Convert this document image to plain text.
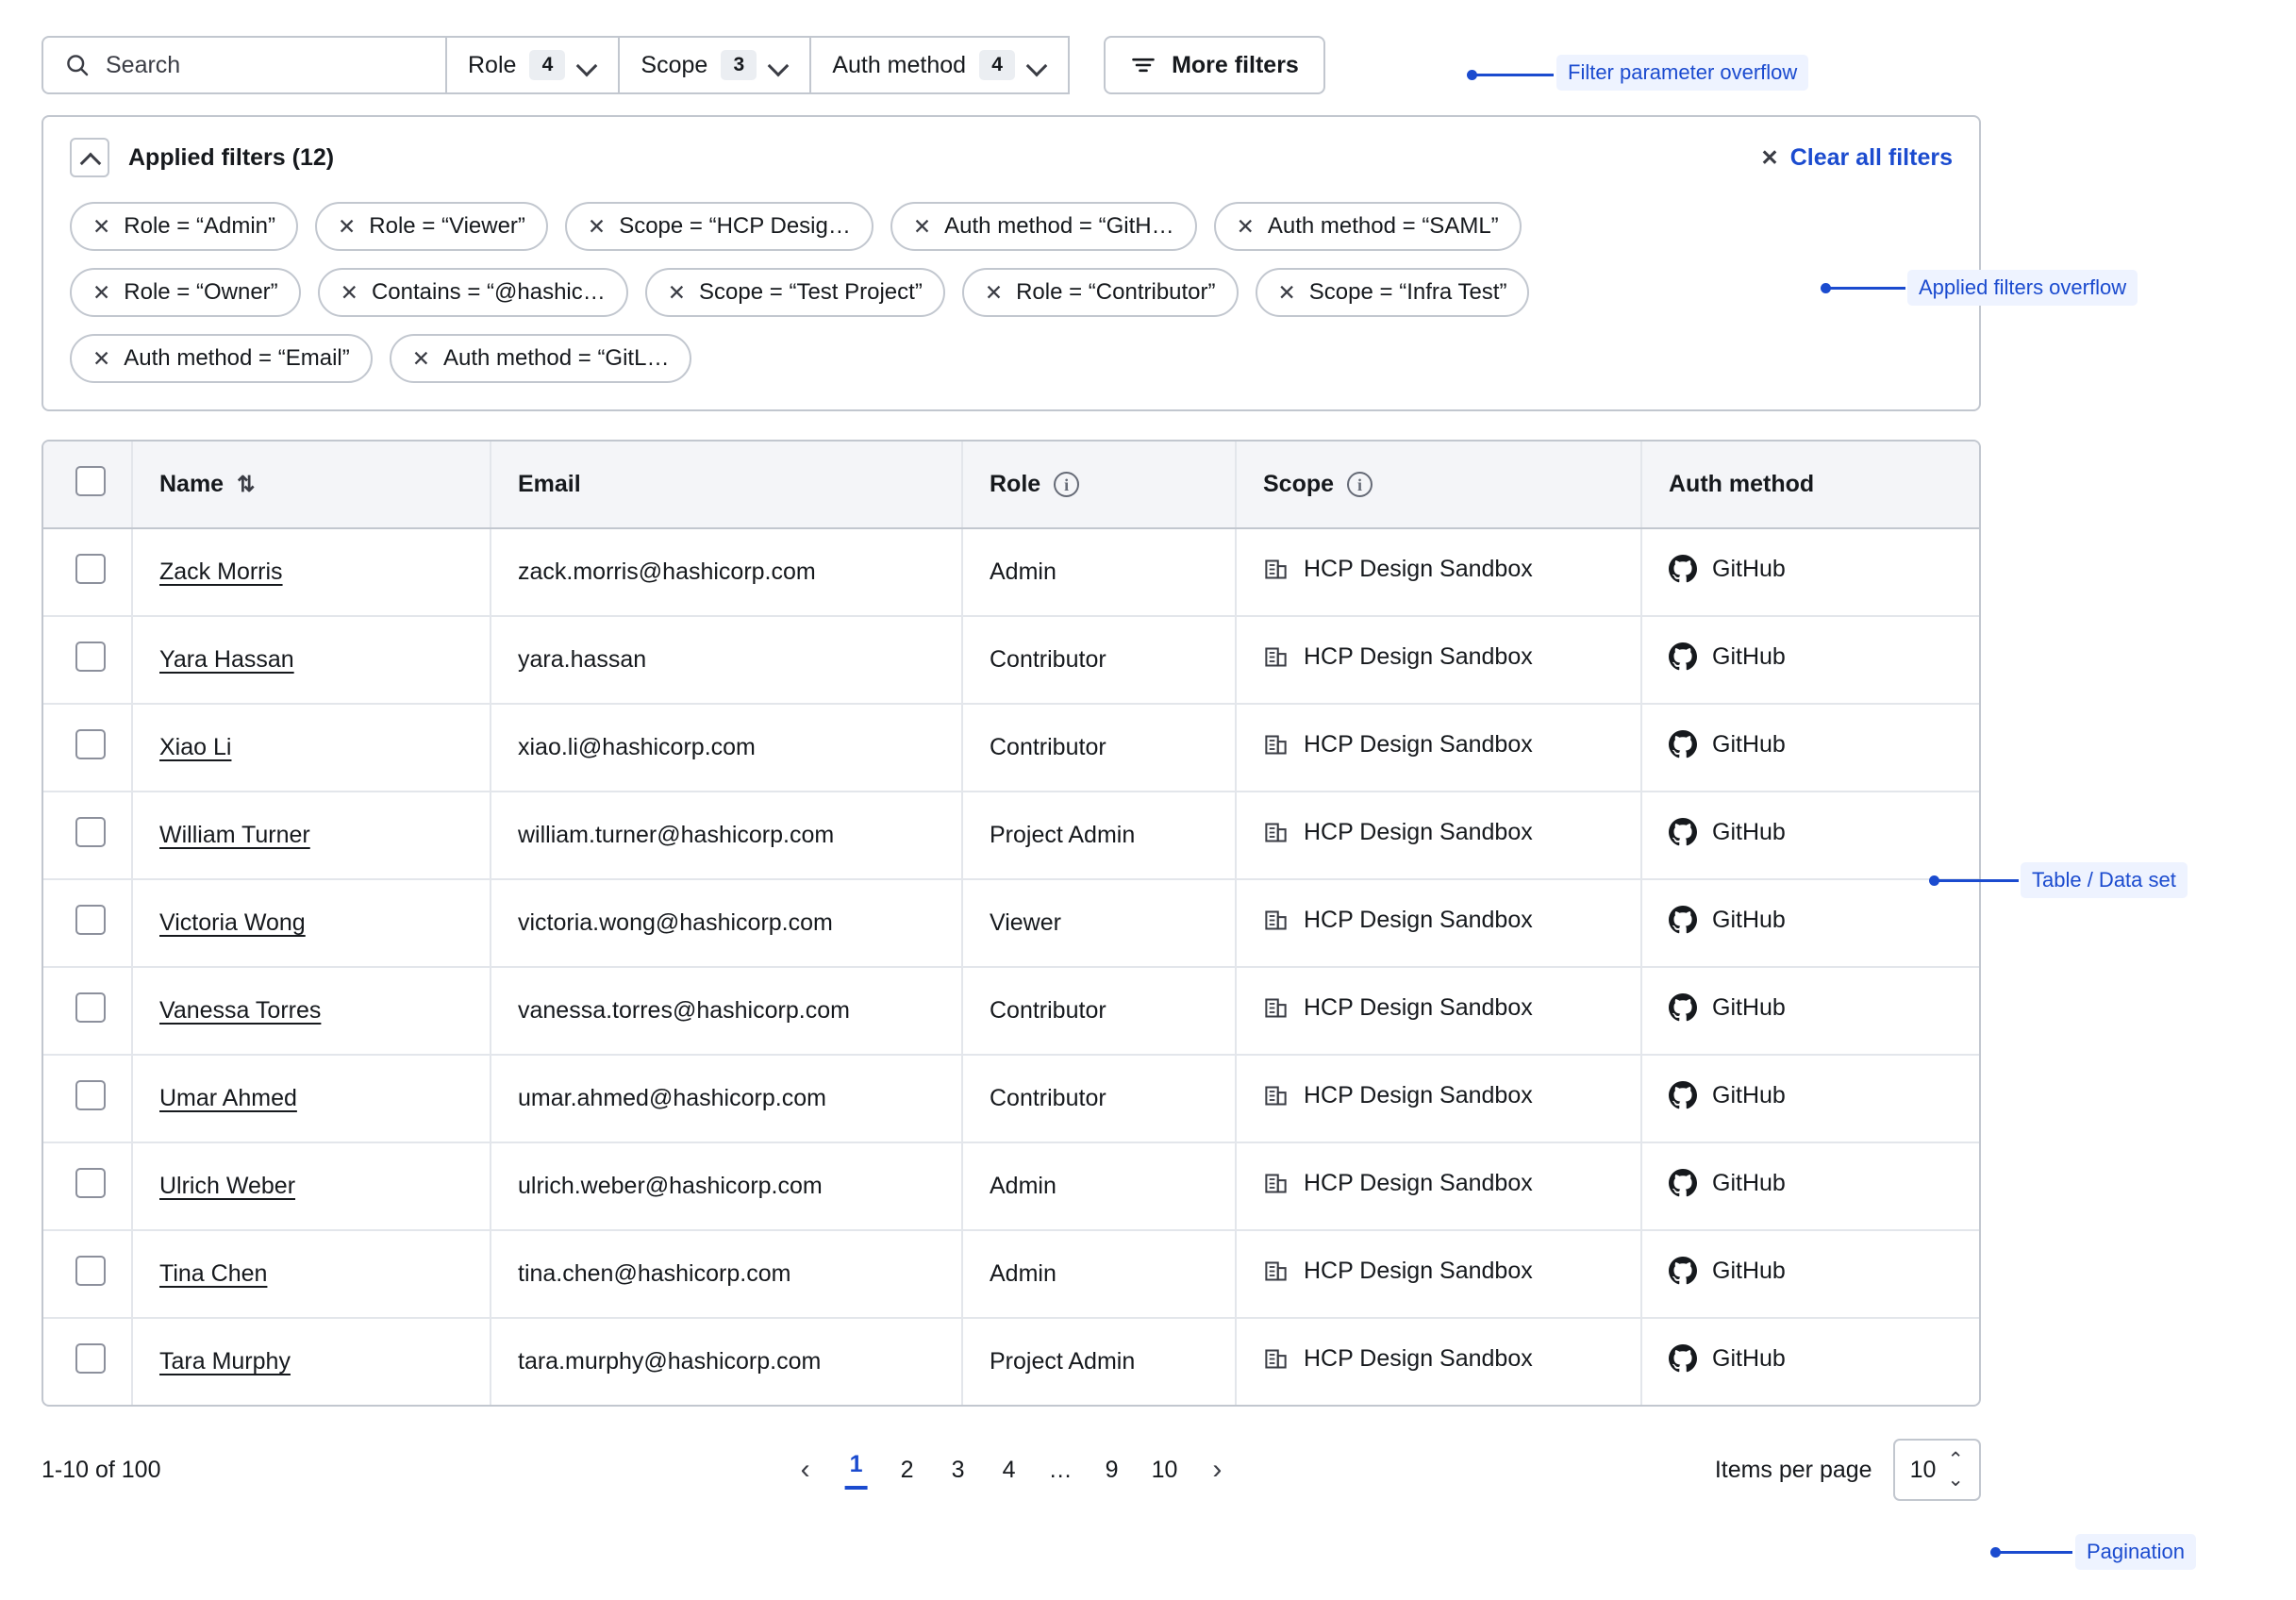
Search	Role	4	Scope	3	Auth method	4	More filters	Filter parameter overflow
Applied filters (12)	✕ Clear all filters
✕ Role = “Admin”	✕ Role = “Viewer”	✕ Scope = “HCP Desig…	✕ Auth method = “GitH…	✕ Auth method = “SAML”
✕ Role = “Owner”	✕ Contains = “@hashic…	✕ Scope = “Test Project”	✕ Role = “Contributor”	✕ Scope = “Infra Test”
✕ Auth method = “Email”	✕ Auth method = “GitL…
Applied filters overflow

	Name ⇅	Email	Role i	Scope i	Auth method

	Zack Morris	zack.morris@hashicorp.com	Admin	HCP Design Sandbox	GitHub

	Yara Hassan	yara.hassan	Contributor	HCP Design Sandbox	GitHub

	Xiao Li	xiao.li@hashicorp.com	Contributor	HCP Design Sandbox	GitHub

	William Turner	william.turner@hashicorp.com	Project Admin	HCP Design Sandbox	GitHub

	Victoria Wong	victoria.wong@hashicorp.com	Viewer	HCP Design Sandbox	GitHub

	Vanessa Torres	vanessa.torres@hashicorp.com	Contributor	HCP Design Sandbox	GitHub

	Umar Ahmed	umar.ahmed@hashicorp.com	Contributor	HCP Design Sandbox	GitHub

	Ulrich Weber	ulrich.weber@hashicorp.com	Admin	HCP Design Sandbox	GitHub

	Tina Chen	tina.chen@hashicorp.com	Admin	HCP Design Sandbox	GitHub

	Tara Murphy	tara.murphy@hashicorp.com	Project Admin	HCP Design Sandbox	GitHub
Table / Data set
1-10 of 100	‹ 1 2 3 4 … 9 10 ›	Items per page 10 ⌃
⌄
Pagination
